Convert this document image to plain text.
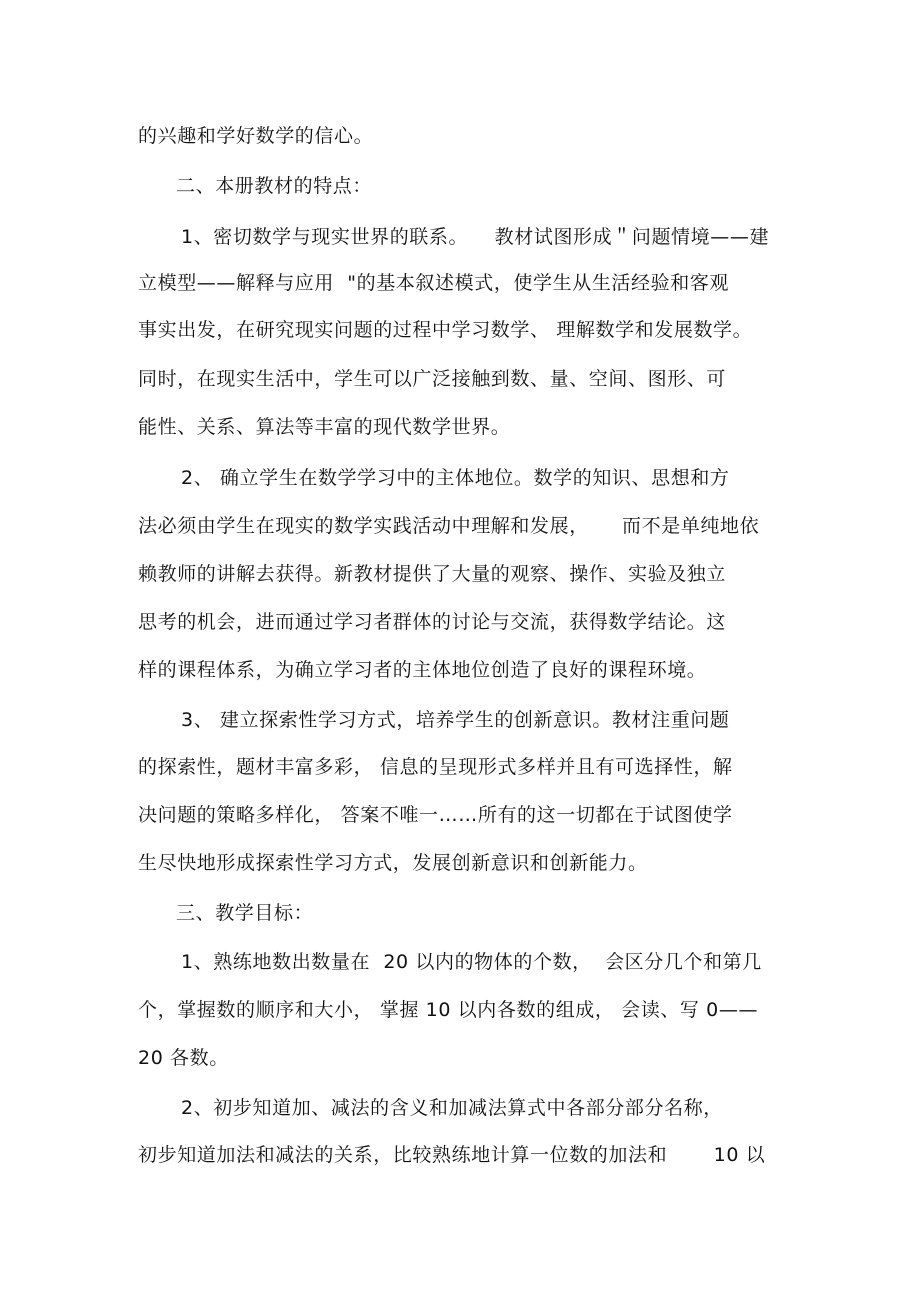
的兴趣和学好数学的信心。
二、本册教材的特点：
1、密切数学与现实世界的联系。    教材试图形成＂问题情境——建
立模型——解释与应用  "的基本叙述模式，使学生从生活经验和客观
事实出发，在研究现实问题的过程中学习数学、 理解数学和发展数学。
同时，在现实生活中，学生可以广泛接触到数、量、空间、图形、可
能性、关系、算法等丰富的现代数学世界。
2、 确立学生在数学学习中的主体地位。数学的知识、思想和方
法必须由学生在现实的数学实践活动中理解和发展，     而不是单纯地依
赖教师的讲解去获得。新教材提供了大量的观察、操作、实验及独立
思考的机会，进而通过学习者群体的讨论与交流，获得数学结论。这
样的课程体系，为确立学习者的主体地位创造了良好的课程环境。
3、 建立探索性学习方式，培养学生的创新意识。教材注重问题
的探索性，题材丰富多彩， 信息的呈现形式多样并且有可选择性，解
决问题的策略多样化， 答案不唯一……所有的这一切都在于试图使学
生尽快地形成探索性学习方式，发展创新意识和创新能力。
三、教学目标：
1、熟练地数出数量在  20 以内的物体的个数，  会区分几个和第几
个，掌握数的顺序和大小， 掌握 10 以内各数的组成， 会读、写 0——
20 各数。
2、初步知道加、减法的含义和加减法算式中各部分部分名称，
初步知道加法和减法的关系，比较熟练地计算一位数的加法和       10 以
